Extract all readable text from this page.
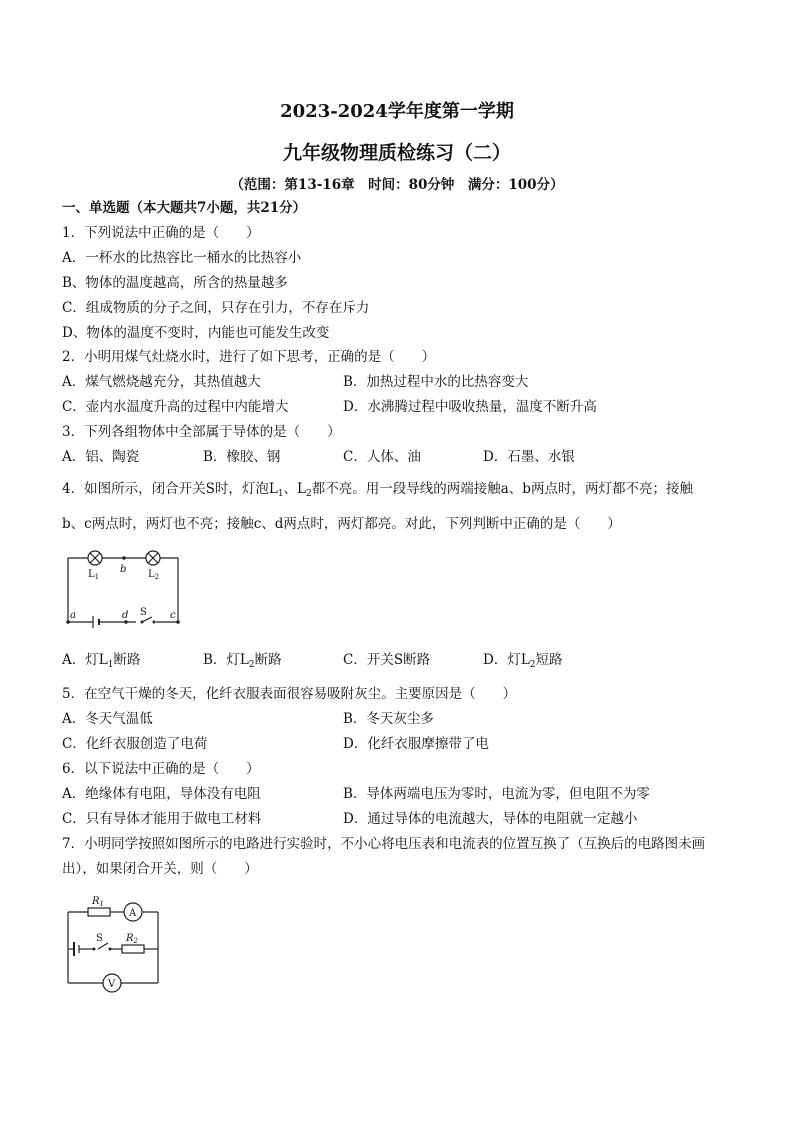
2023-2024学年度第一学期
九年级物理质检练习（二）
（范围：第13-16章　时间：80分钟　满分：100分）
一、单选题（本大题共7小题，共21分）
1．下列说法中正确的是（　　）
A．一杯水的比热容比一桶水的比热容小
B、物体的温度越高，所含的热量越多
C．组成物质的分子之间，只存在引力，不存在斥力
D、物体的温度不变时，内能也可能发生改变
2．小明用煤气灶烧水时，进行了如下思考，正确的是（　　）
A．煤气燃烧越充分，其热值越大	B．加热过程中水的比热容变大
C．壶内水温度升高的过程中内能增大	D．水沸腾过程中吸收热量，温度不断升高
3．下列各组物体中全部属于导体的是（　　）
A．铝、陶瓷	B．橡胶、钢	C．人体、油	D．石墨、水银
4．如图所示，闭合开关S时，灯泡$L_1$、$L_2$都不亮。用一段导线的两端接触a、b两点时，两灯都不亮；接触
b、c两点时，两灯也不亮；接触c、d两点时，两灯都亮。对此，下列判断中正确的是（　　）
b
a	d	c
$L_1$	$L_2$
S
A．灯$L_1$断路	B．灯$L_2$断路	C．开关S断路	D．灯$L_2$短路
5．在空气干燥的冬天，化纤衣服表面很容易吸附灰尘。主要原因是（　　）
A．冬天气温低	B．冬天灰尘多
C．化纤衣服创造了电荷	D．化纤衣服摩擦带了电
6．以下说法中正确的是（　　）
A．绝缘体有电阻，导体没有电阻	B．导体两端电压为零时，电流为零，但电阻不为零
C．只有导体才能用于做电工材料	D．通过导体的电流越大，导体的电阻就一定越小
7．小明同学按照如图所示的电路进行实验时，不小心将电压表和电流表的位置互换了（互换后的电路图未画
出），如果闭合开关，则（　　）
A
V
S
$R_1$
$R_2$
